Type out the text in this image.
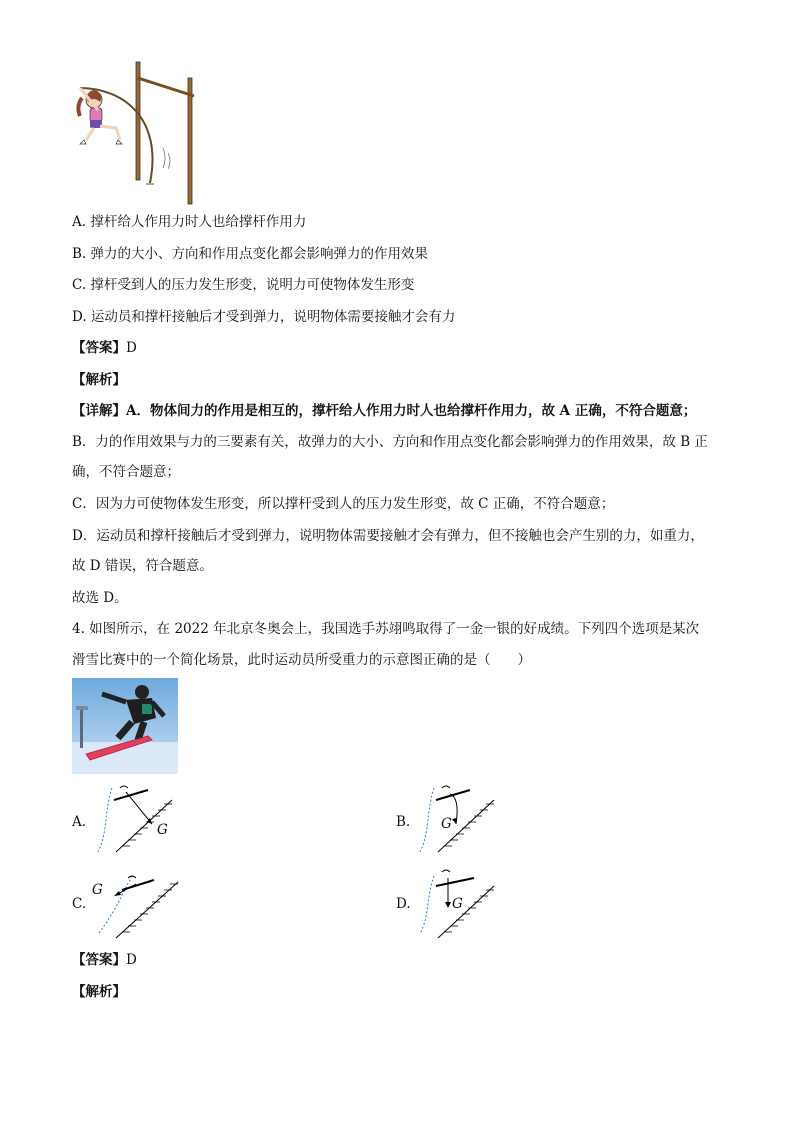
A. 撑杆给人作用力时人也给撑杆作用力
B. 弹力的大小、方向和作用点变化都会影响弹力的作用效果
C. 撑杆受到人的压力发生形变，说明力可使物体发生形变
D. 运动员和撑杆接触后才受到弹力，说明物体需要接触才会有力
【答案】D
【解析】
【详解】A．物体间力的作用是相互的，撑杆给人作用力时人也给撑杆作用力，故 A 正确，不符合题意；
B．力的作用效果与力的三要素有关，故弹力的大小、方向和作用点变化都会影响弹力的作用效果，故 B 正
确，不符合题意；
C．因为力可使物体发生形变，所以撑杆受到人的压力发生形变，故 C 正确，不符合题意；
D．运动员和撑杆接触后才受到弹力，说明物体需要接触才会有弹力，但不接触也会产生别的力，如重力，
故 D 错误，符合题意。
故选 D。
4. 如图所示，在 2022 年北京冬奥会上，我国选手苏翊鸣取得了一金一银的好成绩。下列四个选项是某次
滑雪比赛中的一个简化场景，此时运动员所受重力的示意图正确的是（　　）
A.	G	B. G
C.
G
D.	G
【答案】D
【解析】
